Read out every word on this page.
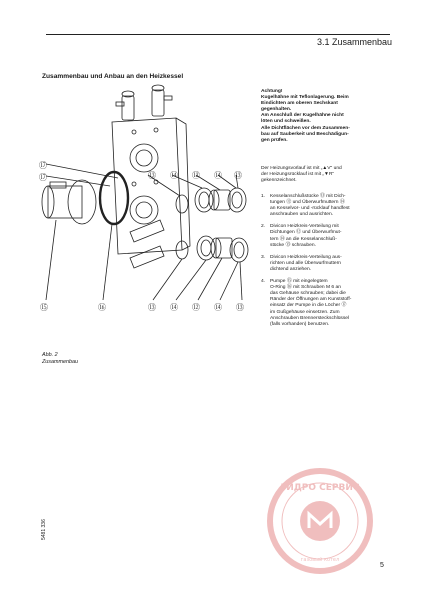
3.1 Zusammenbau
Zusammenbau und Anbau an den Heizkessel
⑰
⑰	⑬ ⑭ ⑫ ⑭ ⑬
⑬ ⑭ ⑫ ⑭ ⑬
⑮	⑯
Achtung!
Kugelhähne mit Teflonlagerung. Beim
Eindichten am oberen Sechskant
gegenhalten.
Am Anschluß der Kugelhähne nicht
löten und schweißen.
Alle Dichtflächen vor dem Zusammen-
bau auf Sauberkeit und Beschädigun-
gen prüfen.
Der Heizungsvorlauf ist mit „▲V" und
der Heizungsrücklauf ist mit „▼R"
gekennzeichnet.
1. Kesselanschlußstücke ⑬ mit Dich-
tungen ⑫ und Überwurfmuttern ⑭
an Kesselvor- und -rücklauf handfest
anschrauben und ausrichten.
2. Divicon Heizkreis-Verteilung mit
Dichtungen ⑫ und Überwurfmut-
tern ⑭ an die Kesselanschluß-
stücke ⑬ schrauben.
3. Divicon Heizkreis-Verteilung aus-
richten und alle Überwurfmuttern
dichtend anziehen.
4. Pumpe ⑮ mit eingelegtem
O-Ring ⑯ mit Schrauben M 6 an
das Gehäuse schrauben; dabei die
Ränder der Öffnungen am Kunststoff-
einsatz der Pumpe in die Löcher ⑰
im Gußgehäuse einsetzen. Zum
Anschrauben Brennersteckschlüssel
(falls vorhanden) benutzen.
Abb. 2
Zusammenbau
ГИДРО СЕРВИС
газовый котел
5481 336
5
